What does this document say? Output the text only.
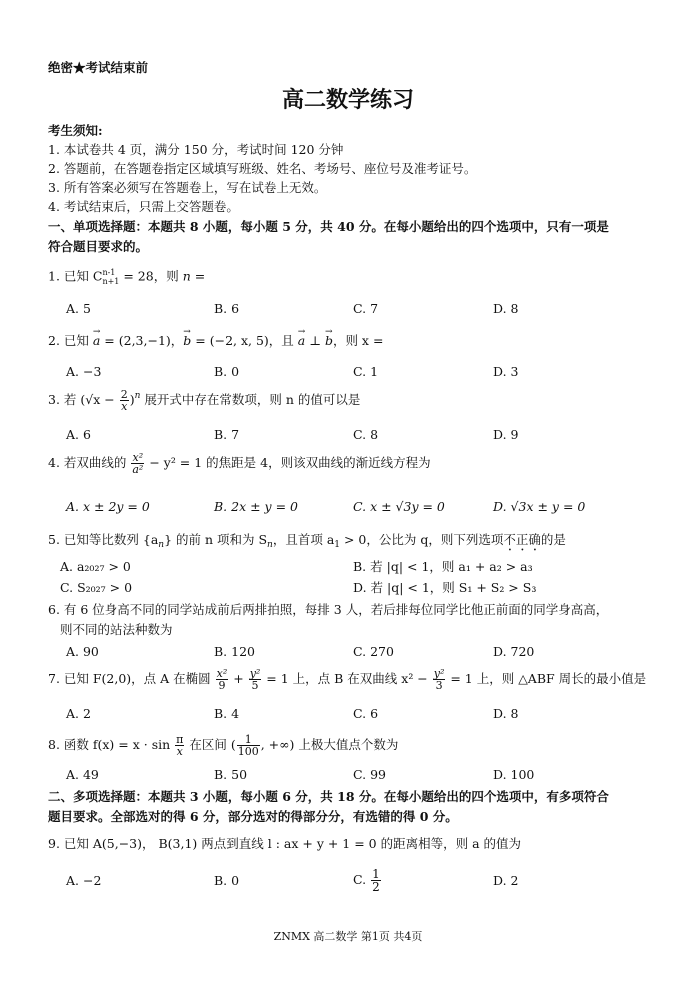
绝密★考试结束前
高二数学练习
考生须知:
1. 本试卷共 4 页，满分 150 分，考试时间 120 分钟
2. 答题前，在答题卷指定区域填写班级、姓名、考场号、座位号及准考证号。
3. 所有答案必须写在答题卷上，写在试卷上无效。
4. 考试结束后，只需上交答题卷。
一、单项选择题：本题共 8 小题，每小题 5 分，共 40 分。在每小题给出的四个选项中，只有一项是
符合题目要求的。
1. 已知 C n-1
n+1 = 28，则 n =
A. 5	B. 6	C. 7	D. 8
2. 已知 → a = (2,3,−1)，→ b = (−2, x, 5)，且 → a ⊥ → b，则 x =
A. −3	B. 0	C. 1	D. 3
3. 若 $(√x - \frac{2}{x} )^n$ 展开式中存在常数项，则 n 的值可以是
A. 6	B. 7	C. 8	D. 9
4. 若双曲线的 $\frac{\text{x²}}{\text{a²}} - y^2 = 1$ 的焦距是 4，则该双曲线的渐近线方程为
A. x ± 2y = 0	B. 2x ± y = 0	C. x ± √3y = 0	D. √3x ± y = 0
5. 已知等比数列 $\{a_n\}$ 的前 n 项和为 $S_n$，且首项 $a_1 > 0$，公比为 q，则下列选项不正确的是
A. a₂₀₂₇ > 0	B. 若 |q| < 1，则 a₁ + a₂ > a₃
C. S₂₀₂₇ > 0	D. 若 |q| < 1，则 S₁ + S₂ > S₃
6. 有 6 位身高不同的同学站成前后两排拍照，每排 3 人，若后排每位同学比他正前面的同学身高高，
则不同的站法种数为
A. 90	B. 120	C. 270	D. 720
7. 已知 F(2,0)，点 A 在椭圆 $\frac{\text{x²}}{9} + \frac{\text{y²}}{5} = 1$ 上，点 B 在双曲线 $x^2 - \frac{\text{y²}}{3} = 1$ 上，则 △ABF 周长的最小值是
A. 2	B. 4	C. 6	D. 8
8. 函数 $f(x) = x \cdot \sin \frac{\pi}{x}$ 在区间 ( $\frac{1}{100}$ , +∞) 上极大值点个数为
A. 49	B. 50	C. 99	D. 100
二、多项选择题：本题共 3 小题，每小题 6 分，共 18 分。在每小题给出的四个选项中，有多项符合
题目要求。全部选对的得 6 分，部分选对的得部分分，有选错的得 0 分。
9. 已知 A(5,−3)， B(3,1) 两点到直线 l : ax + y + 1 = 0 的距离相等，则 a 的值为
A. −2	B. 0	C. $\frac{1}{2}$	D. 2
ZNMX 高二数学 第1页 共4页
